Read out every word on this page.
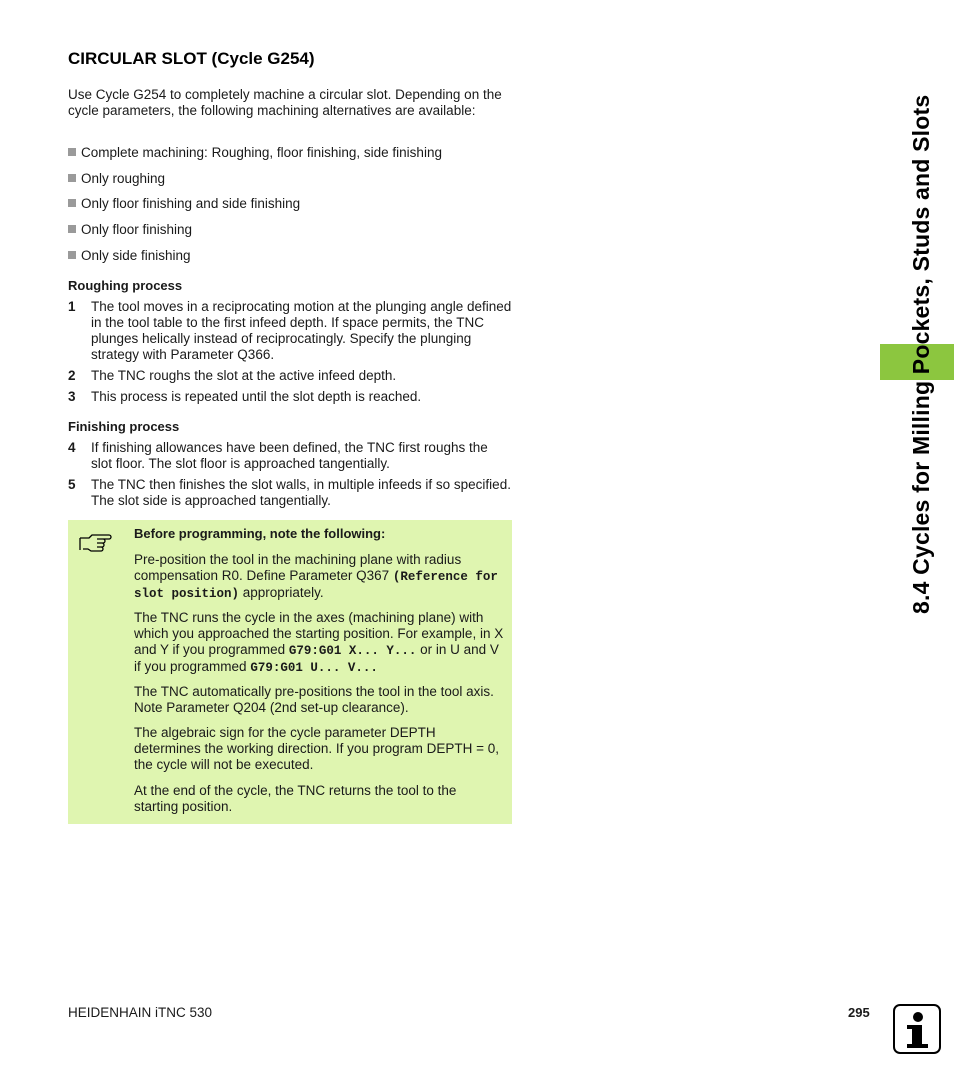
CIRCULAR SLOT (Cycle G254)

Use Cycle G254 to completely machine a circular slot. Depending on the cycle parameters, the following machining alternatives are available:

Complete machining: Roughing, floor finishing, side finishing

Only roughing

Only floor finishing and side finishing

Only floor finishing

Only side finishing

Roughing process

1 The tool moves in a reciprocating motion at the plunging angle defined in the tool table to the first infeed depth. If space permits, the TNC plunges helically instead of reciprocatingly. Specify the plunging strategy with Parameter Q366.
2 The TNC roughs the slot at the active infeed depth.
3 This process is repeated until the slot depth is reached.

Finishing process

4 If finishing allowances have been defined, the TNC first roughs the slot floor. The slot floor is approached tangentially.
5 The TNC then finishes the slot walls, in multiple infeeds if so specified. The slot side is approached tangentially.

Before programming, note the following:

Pre-position the tool in the machining plane with radius compensation R0. Define Parameter Q367 (Reference for slot position) appropriately.

The TNC runs the cycle in the axes (machining plane) with which you approached the starting position. For example, in X and Y if you programmed G79:G01 X... Y... or in U and V if you programmed G79:G01 U... V...

The TNC automatically pre-positions the tool in the tool axis. Note Parameter Q204 (2nd set-up clearance).

The algebraic sign for the cycle parameter DEPTH determines the working direction. If you program DEPTH = 0, the cycle will not be executed.

At the end of the cycle, the TNC returns the tool to the starting position.

8.4 Cycles for Milling Pockets, Studs and Slots
HEIDENHAIN iTNC 530	295
